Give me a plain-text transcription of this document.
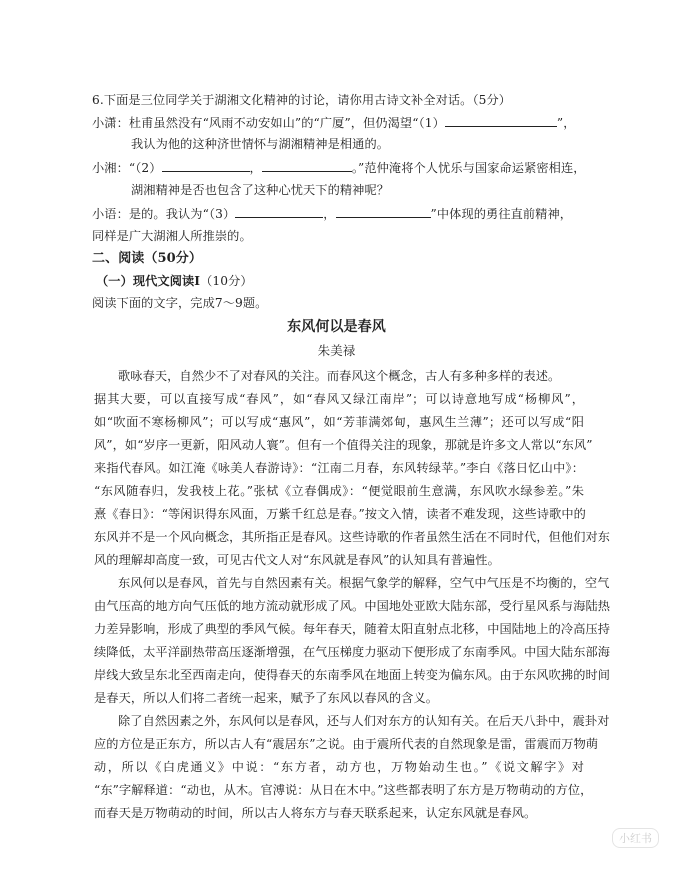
6.下面是三位同学关于湖湘文化精神的讨论，请你用古诗文补全对话。（5分）
小潇：杜甫虽然没有“风雨不动安如山”的“广厦”，但仍渴望“（1）	”，
我认为他的这种济世情怀与湖湘精神是相通的。
小湘：“（2）	，	。”范仲淹将个人忧乐与国家命运紧密相连，
湖湘精神是否也包含了这种心忧天下的精神呢？
小语：是的。我认为“（3）	，	”中体现的勇往直前精神，
同样是广大湖湘人所推崇的。
二、阅读（50分）
（一）现代文阅读Ⅰ（10分）
阅读下面的文字，完成7～9题。
东风何以是春风
朱美禄
歌咏春天，自然少不了对春风的关注。而春风这个概念，古人有多种多样的表述。
据其大要，可以直接写成“春风”，如“春风又绿江南岸”；可以诗意地写成“杨柳风”，
如“吹面不寒杨柳风”；可以写成“惠风”，如“芳菲满郊甸，惠风生兰薄”；还可以写成“阳
风”，如“岁序一更新，阳风动人寰”。但有一个值得关注的现象，那就是许多文人常以“东风”
来指代春风。如江淹《咏美人春游诗》：“江南二月春，东风转绿苹。”李白《落日忆山中》：
“东风随春归，发我枝上花。”张栻《立春偶成》：“便觉眼前生意满，东风吹水绿参差。”朱
熹《春日》：“等闲识得东风面，万紫千红总是春。”按文入情，读者不难发现，这些诗歌中的
东风并不是一个风向概念，其所指正是春风。这些诗歌的作者虽然生活在不同时代，但他们对东
风的理解却高度一致，可见古代文人对“东风就是春风”的认知具有普遍性。
东风何以是春风，首先与自然因素有关。根据气象学的解释，空气中气压是不均衡的，空气
由气压高的地方向气压低的地方流动就形成了风。中国地处亚欧大陆东部，受行星风系与海陆热
力差异影响，形成了典型的季风气候。每年春天，随着太阳直射点北移，中国陆地上的冷高压持
续降低，太平洋副热带高压逐渐增强，在气压梯度力驱动下便形成了东南季风。中国大陆东部海
岸线大致呈东北至西南走向，使得春天的东南季风在地面上转变为偏东风。由于东风吹拂的时间
是春天，所以人们将二者统一起来，赋予了东风以春风的含义。
除了自然因素之外，东风何以是春风，还与人们对东方的认知有关。在后天八卦中，震卦对
应的方位是正东方，所以古人有“震居东”之说。由于震所代表的自然现象是雷，雷震而万物萌
动，所以《白虎通义》中说：“东方者，动方也，万物始动生也。”《说文解字》对
“东”字解释道：“动也，从木。官溥说：从日在木中。”这些都表明了东方是万物萌动的方位，
而春天是万物萌动的时间，所以古人将东方与春天联系起来，认定东风就是春风。
小红书
